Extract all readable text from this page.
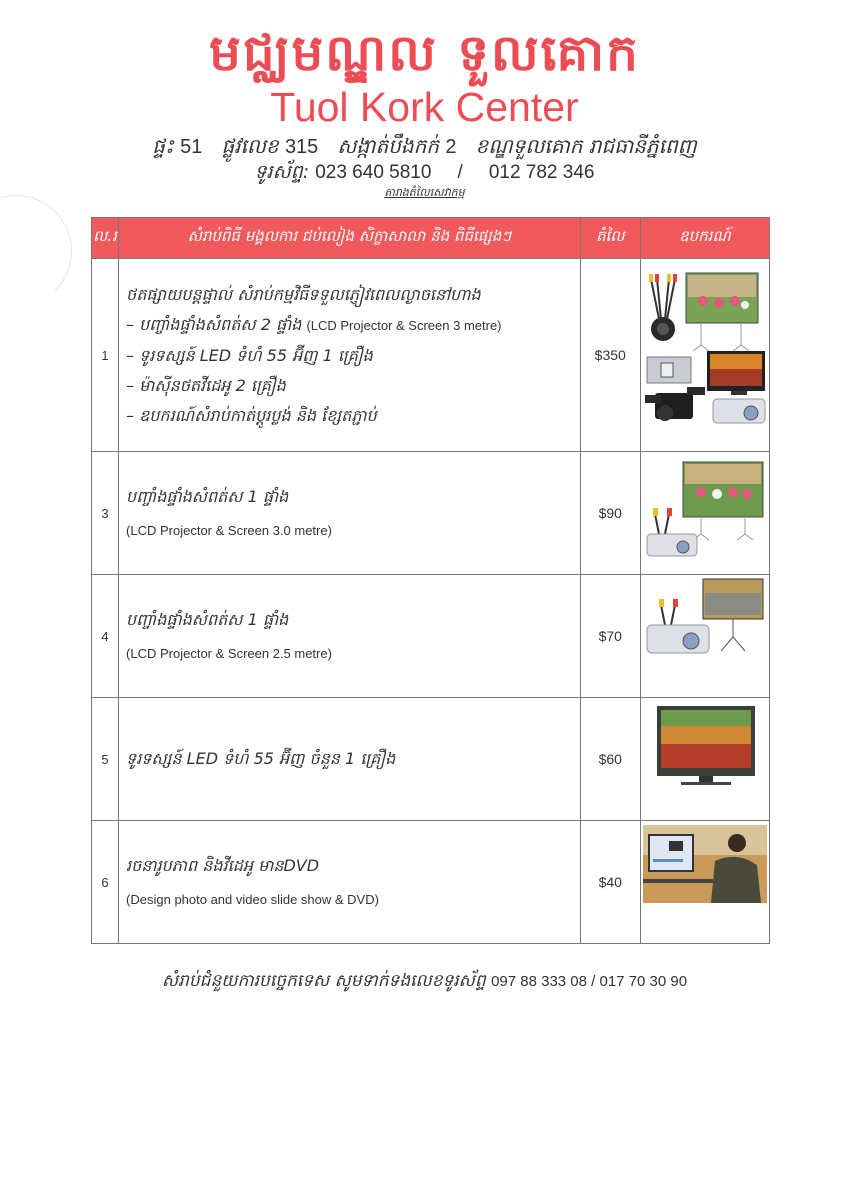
មជ្ឈមណ្ឌល ទួលគោក
Tuol Kork Center
ផ្ទះ 51 ផ្លូវលេខ 315 សង្កាត់បឹងកក់ 2 ខណ្ឌទួលគោក រាជធានីភ្នំពេញ
ទូរស័ព្ទ: 023 640 5810 / 012 782 346
តារាងតំលៃសេវាកម្ម
ល.រ	សំរាប់ពិធី មង្គលការ ជប់លៀង សិក្ខាសាលា និង ពិធីផ្សេងៗ	តំលៃ	ឧបករណ៍
1	ថតផ្សាយបន្តផ្ទាល់ សំរាប់កម្មវិធីទទួលភ្ញៀវពេលល្ងាចនៅហាង
– បញ្ចាំងផ្ទាំងសំពត់ស 2 ផ្ទាំង (LCD Projector & Screen 3 metre)
– ទូរទស្សន៍ LED ទំហំ 55 អ៊ីញ 1 គ្រឿង
– ម៉ាស៊ីនថតវីដេអូ 2 គ្រឿង
– ឧបករណ៍សំរាប់កាត់ប្តូរប្លង់ និង ខ្សែតភ្ជាប់	$350	
3	បញ្ចាំងផ្ទាំងសំពត់ស 1 ផ្ទាំង
(LCD Projector & Screen 3.0 metre)	$90	
4	បញ្ចាំងផ្ទាំងសំពត់ស 1 ផ្ទាំង
(LCD Projector & Screen 2.5 metre)	$70	
5	ទូរទស្សន៍ LED ទំហំ 55 អ៊ីញ ចំនួន 1 គ្រឿង	$60	
6	រចនារូបភាព និងវីដេអូ មានDVD
(Design photo and video slide show & DVD)	$40	
សំរាប់ជំនួយការបច្ចេកទេស សូមទាក់ទងលេខទូរស័ព្ទ 097 88 333 08 / 017 70 30 90
